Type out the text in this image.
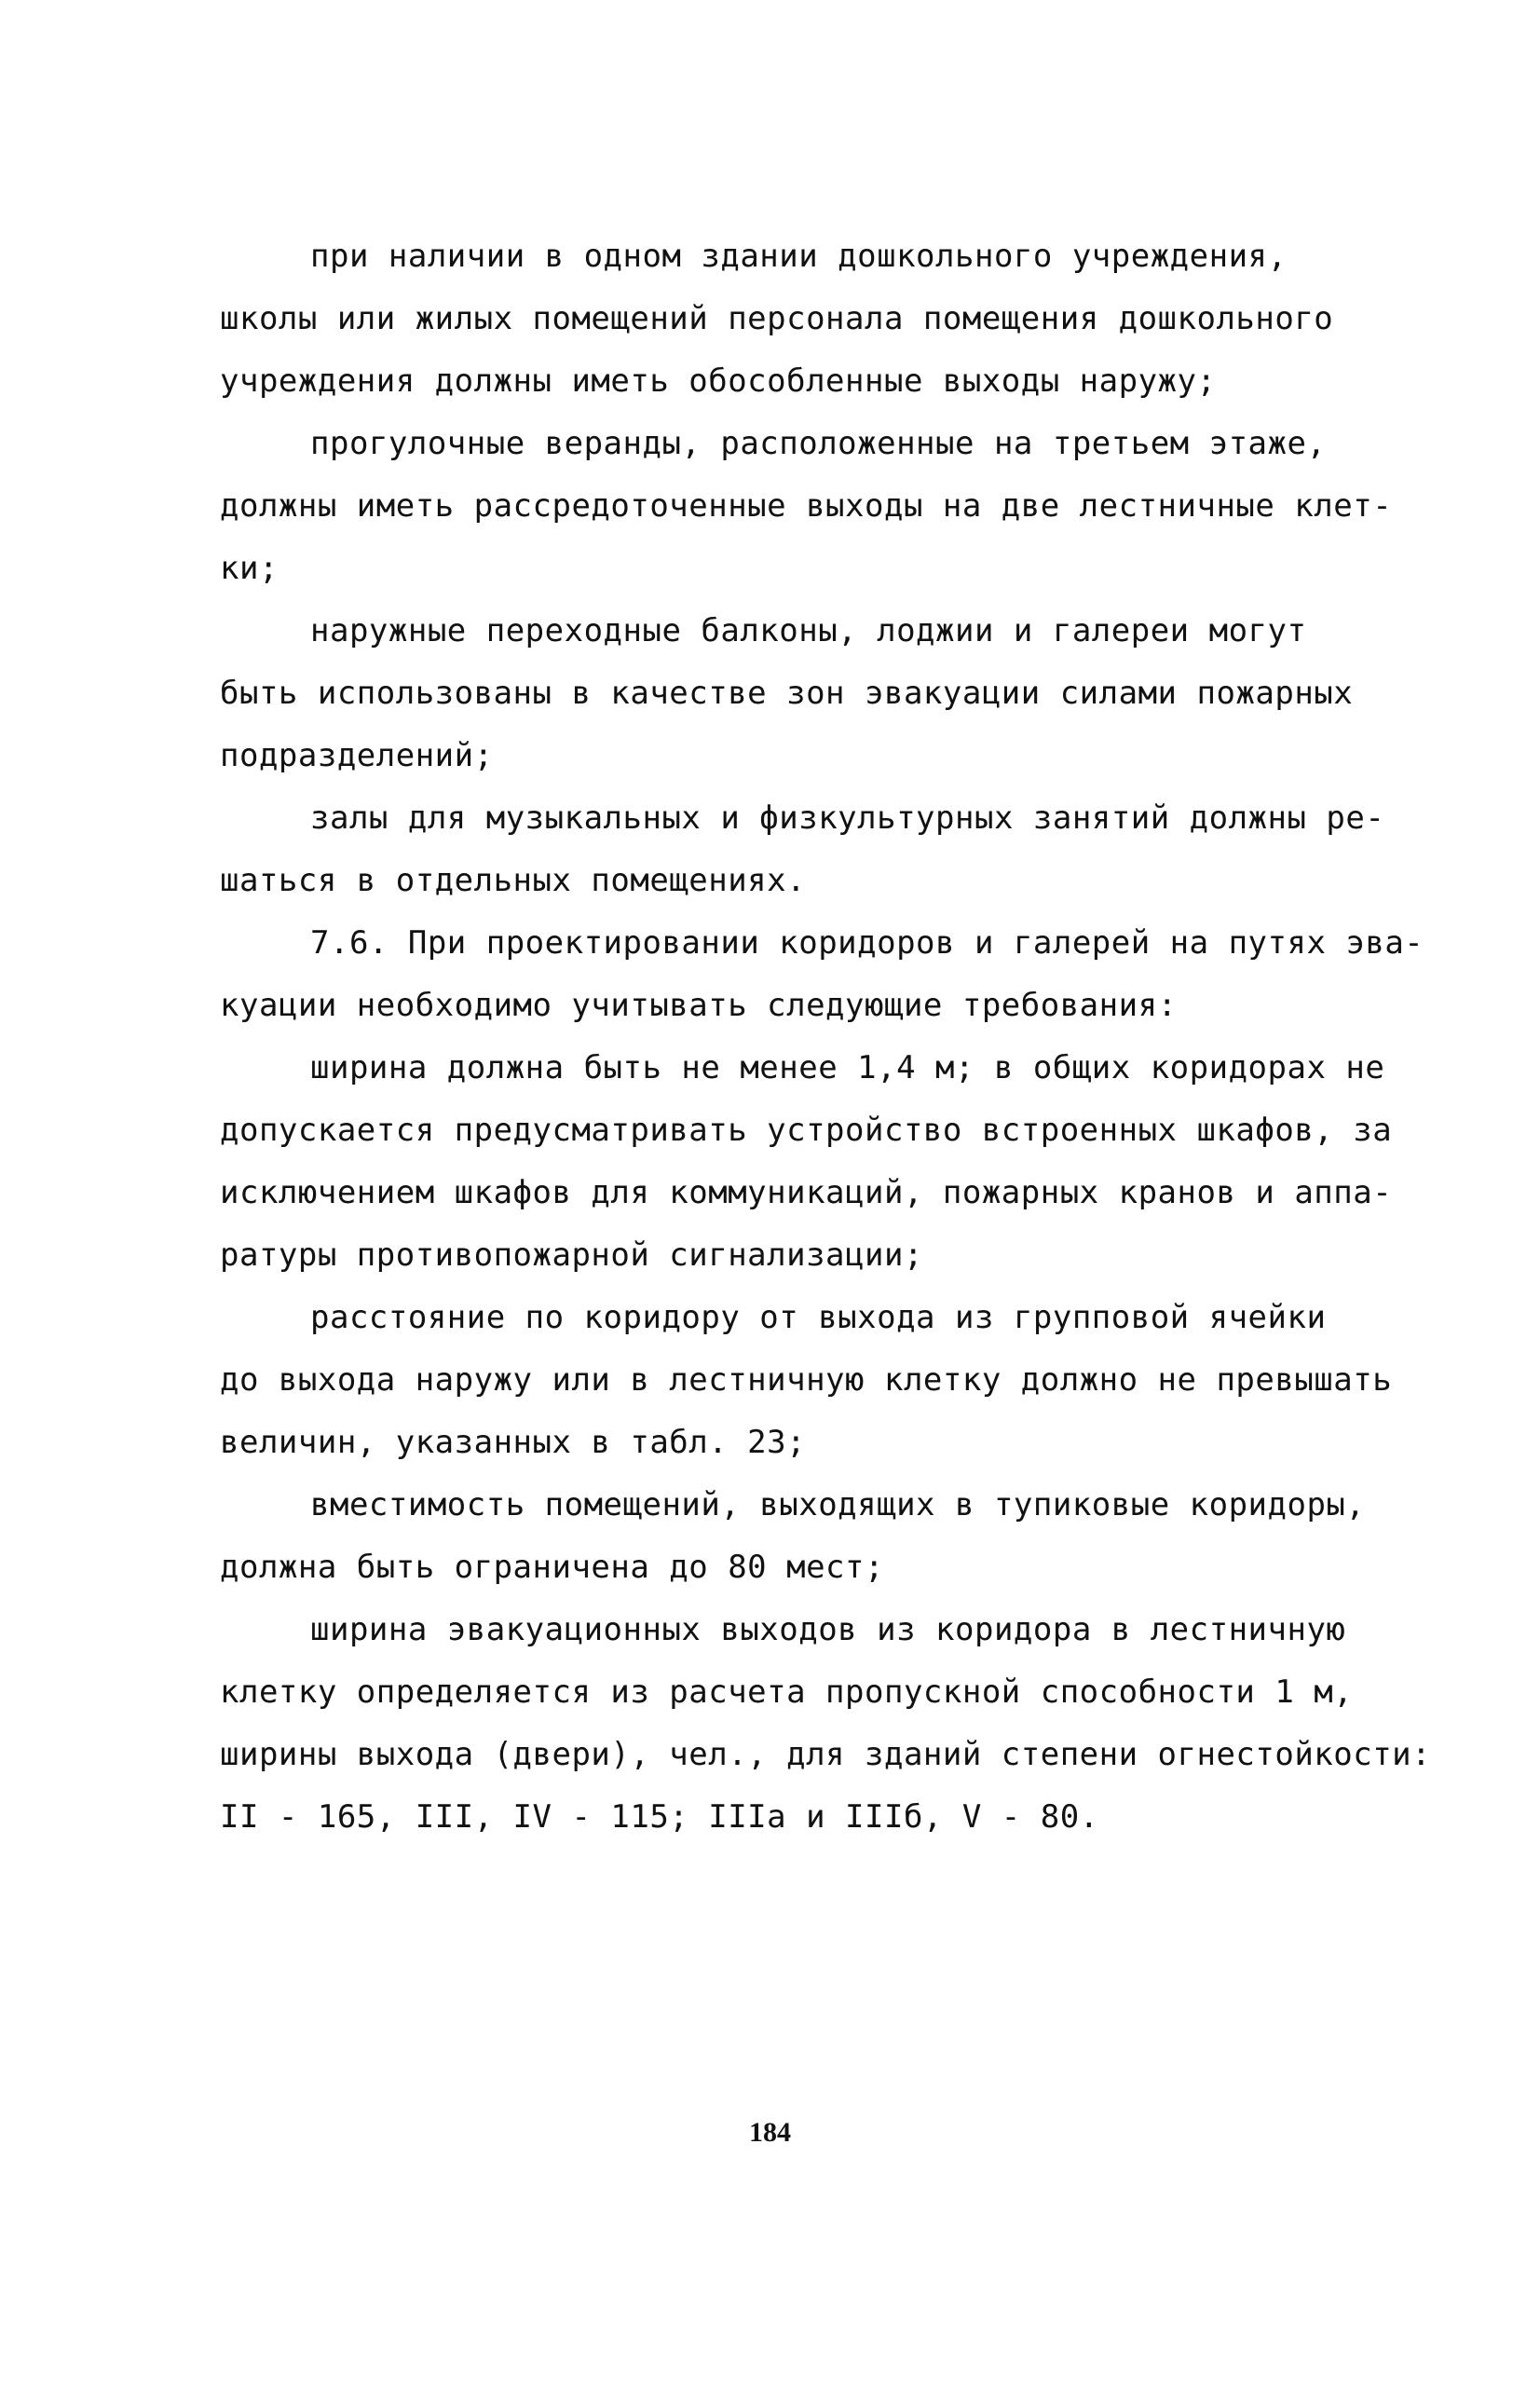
при наличии в одном здании дошкольного учреждения,
школы или жилых помещений персонала помещения дошкольного
учреждения должны иметь обособленные выходы наружу;
прогулочные веранды, расположенные на третьем этаже,
должны иметь рассредоточенные выходы на две лестничные клет-
ки;
наружные переходные балконы, лоджии и галереи могут
быть использованы в качестве зон эвакуации силами пожарных
подразделений;
залы для музыкальных и физкультурных занятий должны ре-
шаться в отдельных помещениях.
7.6. При проектировании коридоров и галерей на путях эва-
куации необходимо учитывать следующие требования:
ширина должна быть не менее 1,4 м; в общих коридорах не
допускается предусматривать устройство встроенных шкафов, за
исключением шкафов для коммуникаций, пожарных кранов и аппа-
ратуры противопожарной сигнализации;
расстояние по коридору от выхода из групповой ячейки
до выхода наружу или в лестничную клетку должно не превышать
величин, указанных в табл. 23;
вместимость помещений, выходящих в тупиковые коридоры,
должна быть ограничена до 80 мест;
ширина эвакуационных выходов из коридора в лестничную
клетку определяется из расчета пропускной способности 1 м,
ширины выхода (двери), чел., для зданий степени огнестойкости:
II - 165, III, IV - 115; IIIа и IIIб, V - 80.
184
